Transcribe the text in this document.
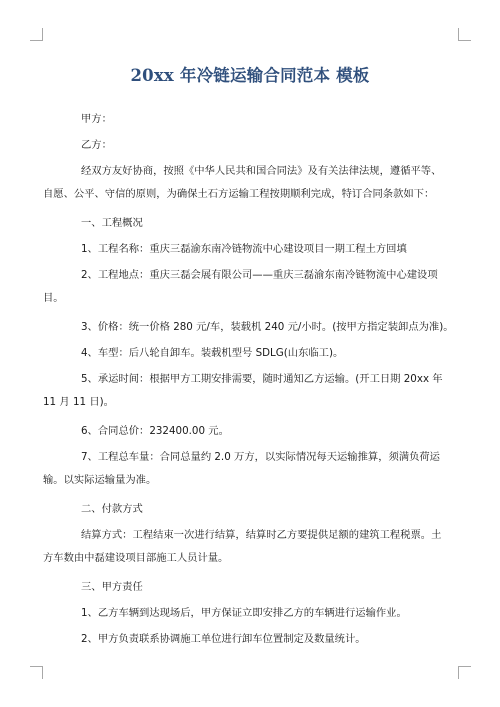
20xx 年冷链运输合同范本 模板

甲方：

乙方：

经双方友好协商，按照《中华人民共和国合同法》及有关法律法规，遵循平等、
自愿、公平、守信的原则，为确保土石方运输工程按期顺利完成，特订合同条款如下：

一、工程概况

1、工程名称：重庆三磊渝东南冷链物流中心建设项目一期工程土方回填

2、工程地点：重庆三磊会展有限公司——重庆三磊渝东南冷链物流中心建设项
目。

3、价格：统一价格 280 元/车，装载机 240 元/小时。(按甲方指定装卸点为准)。

4、车型：后八轮自卸车。装载机型号 SDLG(山东临工)。

5、承运时间：根据甲方工期安排需要，随时通知乙方运输。(开工日期 20xx 年
11 月 11 日)。

6、合同总价：232400.00 元。

7、工程总车量：合同总量约 2.0 万方，以实际情况每天运输推算，须满负荷运
输。以实际运输量为准。

二、付款方式

结算方式：工程结束一次进行结算，结算时乙方要提供足额的建筑工程税票。土
方车数由中磊建设项目部施工人员计量。

三、甲方责任

1、乙方车辆到达现场后，甲方保证立即安排乙方的车辆进行运输作业。

2、甲方负责联系协调施工单位进行卸车位置制定及数量统计。
